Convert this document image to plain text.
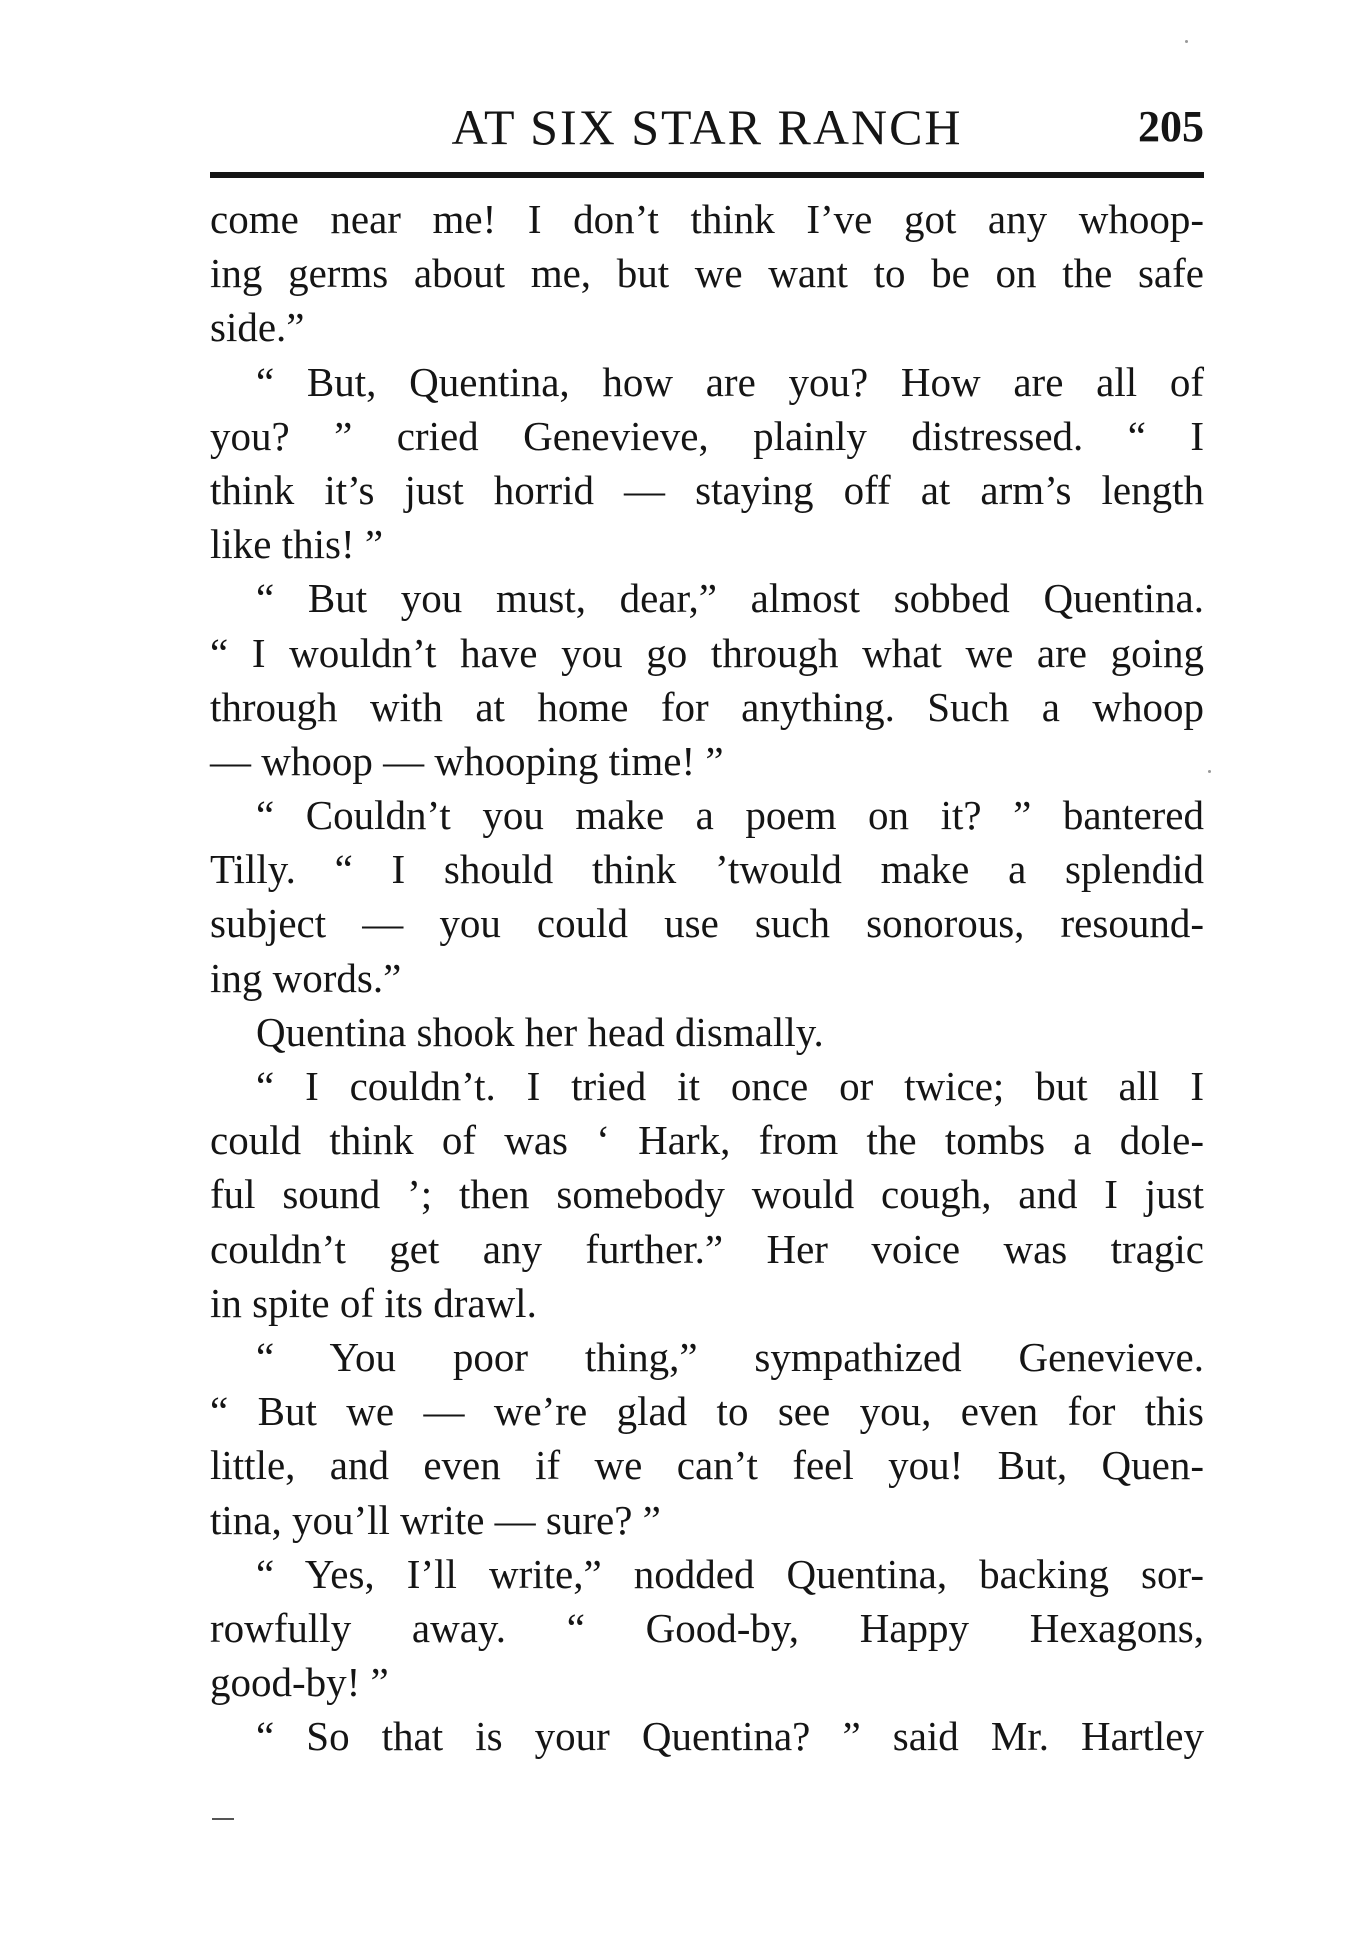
AT SIX STAR RANCH	205
come near me! I don’t think I’ve got any whoop-
ing germs about me, but we want to be on the safe
side.”
“ But, Quentina, how are you? How are all of
you? ” cried Genevieve, plainly distressed. “ I
think it’s just horrid — staying off at arm’s length
like this! ”
“ But you must, dear,” almost sobbed Quentina.
“ I wouldn’t have you go through what we are going
through with at home for anything. Such a whoop
— whoop — whooping time! ”
“ Couldn’t you make a poem on it? ” bantered
Tilly. “ I should think ’twould make a splendid
subject — you could use such sonorous, resound-
ing words.”
Quentina shook her head dismally.
“ I couldn’t. I tried it once or twice; but all I
could think of was ‘ Hark, from the tombs a dole-
ful sound ’; then somebody would cough, and I just
couldn’t get any further.” Her voice was tragic
in spite of its drawl.
“ You poor thing,” sympathized Genevieve.
“ But we — we’re glad to see you, even for this
little, and even if we can’t feel you! But, Quen-
tina, you’ll write — sure? ”
“ Yes, I’ll write,” nodded Quentina, backing sor-
rowfully away. “ Good-by, Happy Hexagons,
good-by! ”
“ So that is your Quentina? ” said Mr. Hartley
